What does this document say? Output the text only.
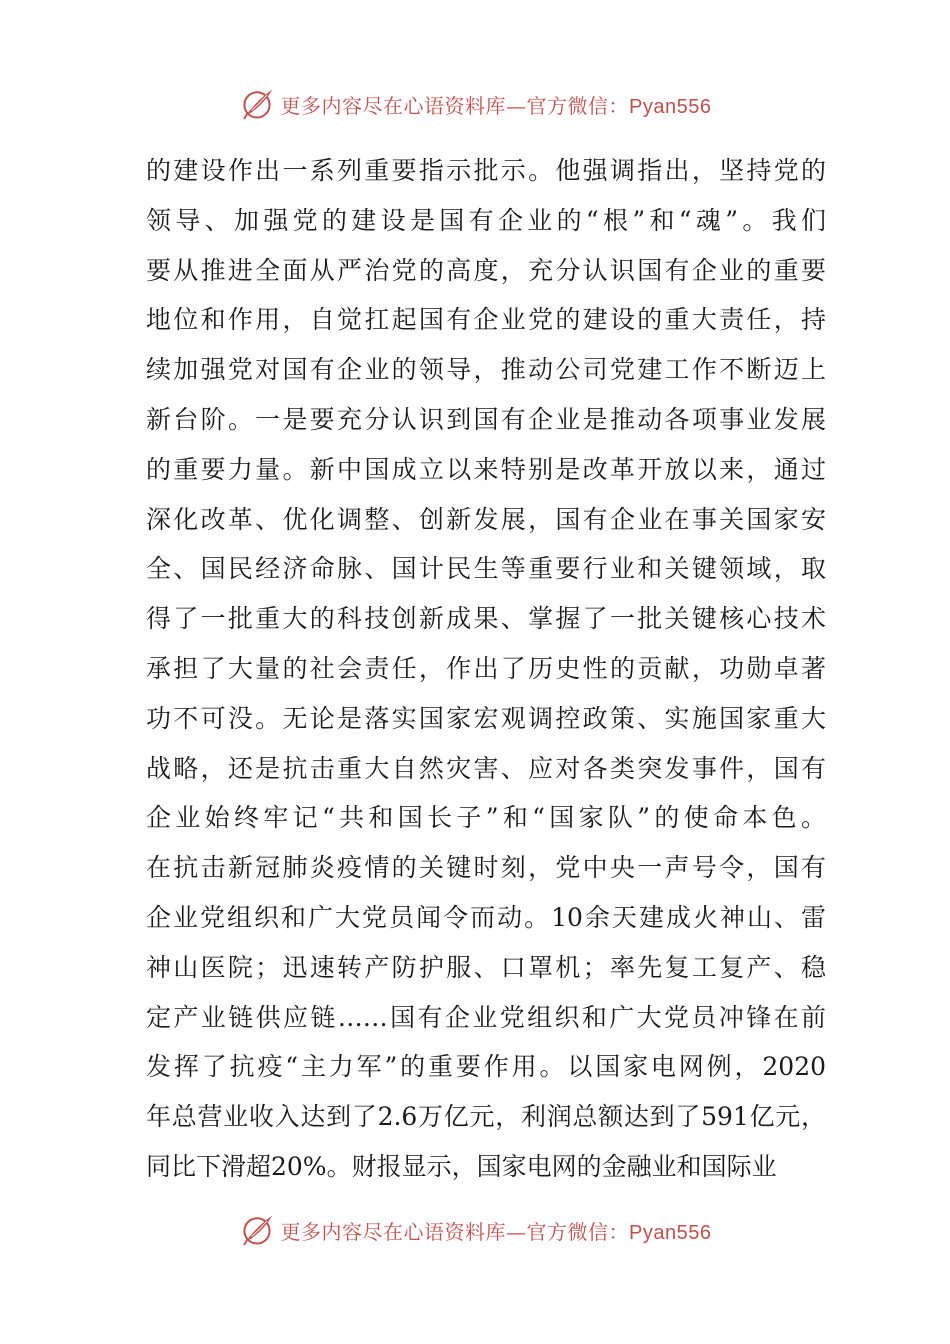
更多内容尽在心语资料库—官方微信：Pyan556
的建设作出一系列重要指示批示。他强调指出，坚持党的
领导、加强党的建设是国有企业的“根”和“魂”。我们
要从推进全面从严治党的高度，充分认识国有企业的重要
地位和作用，自觉扛起国有企业党的建设的重大责任，持
续加强党对国有企业的领导，推动公司党建工作不断迈上
新台阶。一是要充分认识到国有企业是推动各项事业发展
的重要力量。新中国成立以来特别是改革开放以来，通过
深化改革、优化调整、创新发展，国有企业在事关国家安
全、国民经济命脉、国计民生等重要行业和关键领域，取
得了一批重大的科技创新成果、掌握了一批关键核心技术
承担了大量的社会责任，作出了历史性的贡献，功勋卓著
功不可没。无论是落实国家宏观调控政策、实施国家重大
战略，还是抗击重大自然灾害、应对各类突发事件，国有
企业始终牢记“共和国长子”和“国家队”的使命本色。
在抗击新冠肺炎疫情的关键时刻，党中央一声号令，国有
企业党组织和广大党员闻令而动。10余天建成火神山、雷
神山医院；迅速转产防护服、口罩机；率先复工复产、稳
定产业链供应链……国有企业党组织和广大党员冲锋在前
发挥了抗疫“主力军”的重要作用。以国家电网例，2020
年总营业收入达到了2.6万亿元，利润总额达到了591亿元，
同比下滑超20%。财报显示，国家电网的金融业和国际业
更多内容尽在心语资料库—官方微信：Pyan556
